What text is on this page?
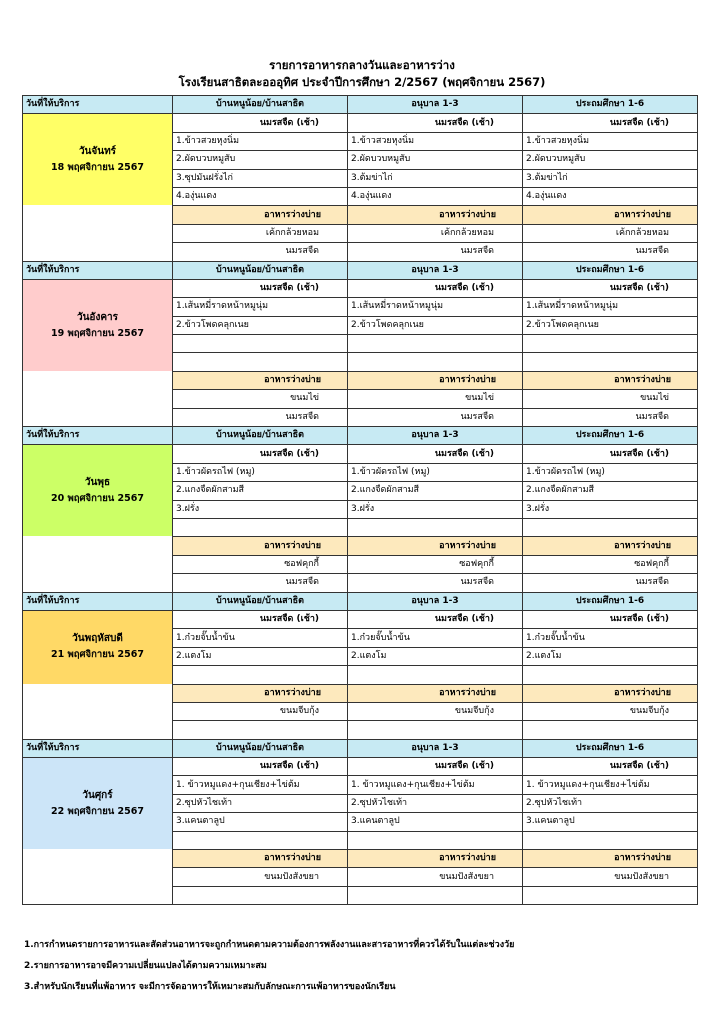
รายการอาหารกลางวันและอาหารว่าง
โรงเรียนสาธิตละอออุทิศ ประจำปีการศึกษา 2/2567 (พฤศจิกายน 2567)
วันที่ให้บริการ	บ้านหนูน้อย/บ้านสาธิต	อนุบาล 1-3	ประถมศึกษา 1-6

วันจันทร์
18 พฤศจิกายน 2567	นมรสจืด (เช้า)	นมรสจืด (เช้า)	นมรสจืด (เช้า)
	1.ข้าวสวยหุงนิ่ม	1.ข้าวสวยหุงนิ่ม	1.ข้าวสวยหุงนิ่ม
	2.ผัดบวบหมูสับ	2.ผัดบวบหมูสับ	2.ผัดบวบหมูสับ
	3.ซุปมันฝรั่งไก่	3.ต้มข่าไก่	3.ต้มข่าไก่
	4.องุ่นแดง	4.องุ่นแดง	4.องุ่นแดง
	อาหารว่างบ่าย	อาหารว่างบ่าย	อาหารว่างบ่าย
	เค้กกล้วยหอม	เค้กกล้วยหอม	เค้กกล้วยหอม
	นมรสจืด	นมรสจืด	นมรสจืด
วันที่ให้บริการ	บ้านหนูน้อย/บ้านสาธิต	อนุบาล 1-3	ประถมศึกษา 1-6

วันอังคาร
19 พฤศจิกายน 2567	นมรสจืด (เช้า)	นมรสจืด (เช้า)	นมรสจืด (เช้า)
	1.เส้นหมี่ราดหน้าหมูนุ่ม	1.เส้นหมี่ราดหน้าหมูนุ่ม	1.เส้นหมี่ราดหน้าหมูนุ่ม
	2.ข้าวโพดคลุกเนย	2.ข้าวโพดคลุกเนย	2.ข้าวโพดคลุกเนย

	อาหารว่างบ่าย	อาหารว่างบ่าย	อาหารว่างบ่าย
	ขนมไข่	ขนมไข่	ขนมไข่
	นมรสจืด	นมรสจืด	นมรสจืด
วันที่ให้บริการ	บ้านหนูน้อย/บ้านสาธิต	อนุบาล 1-3	ประถมศึกษา 1-6

วันพุธ
20 พฤศจิกายน 2567	นมรสจืด (เช้า)	นมรสจืด (เช้า)	นมรสจืด (เช้า)
	1.ข้าวผัดรถไฟ (หมู)	1.ข้าวผัดรถไฟ (หมู)	1.ข้าวผัดรถไฟ (หมู)
	2.แกงจืดผักสามสี	2.แกงจืดผักสามสี	2.แกงจืดผักสามสี
	3.ฝรั่ง	3.ฝรั่ง	3.ฝรั่ง

	อาหารว่างบ่าย	อาหารว่างบ่าย	อาหารว่างบ่าย
	ซอฟคุกกี้	ซอฟคุกกี้	ซอฟคุกกี้
	นมรสจืด	นมรสจืด	นมรสจืด
วันที่ให้บริการ	บ้านหนูน้อย/บ้านสาธิต	อนุบาล 1-3	ประถมศึกษา 1-6

วันพฤหัสบดี
21 พฤศจิกายน 2567	นมรสจืด (เช้า)	นมรสจืด (เช้า)	นมรสจืด (เช้า)
	1.ก๋วยจั๊บน้ำข้น	1.ก๋วยจั๊บน้ำข้น	1.ก๋วยจั๊บน้ำข้น
	2.แตงโม	2.แตงโม	2.แตงโม

	อาหารว่างบ่าย	อาหารว่างบ่าย	อาหารว่างบ่าย
	ขนมจีบกุ้ง	ขนมจีบกุ้ง	ขนมจีบกุ้ง

วันที่ให้บริการ	บ้านหนูน้อย/บ้านสาธิต	อนุบาล 1-3	ประถมศึกษา 1-6

วันศุกร์
22 พฤศจิกายน 2567	นมรสจืด (เช้า)	นมรสจืด (เช้า)	นมรสจืด (เช้า)
	1. ข้าวหมูแดง+กุนเชียง+ไข่ต้ม	1. ข้าวหมูแดง+กุนเชียง+ไข่ต้ม	1. ข้าวหมูแดง+กุนเชียง+ไข่ต้ม
	2.ซุปหัวไชเท้า	2.ซุปหัวไชเท้า	2.ซุปหัวไชเท้า
	3.แคนตาลูป	3.แคนตาลูป	3.แคนตาลูป

	อาหารว่างบ่าย	อาหารว่างบ่าย	อาหารว่างบ่าย
	ขนมปังสังขยา	ขนมปังสังขยา	ขนมปังสังขยา

1.การกำหนดรายการอาหารและสัดส่วนอาหารจะถูกกำหนดตามความต้องการพลังงานและสารอาหารที่ควรได้รับในแต่ละช่วงวัย
2.รายการอาหารอาจมีความเปลี่ยนแปลงได้ตามความเหมาะสม
3.สำหรับนักเรียนที่แพ้อาหาร จะมีการจัดอาหารให้เหมาะสมกับลักษณะการแพ้อาหารของนักเรียน
